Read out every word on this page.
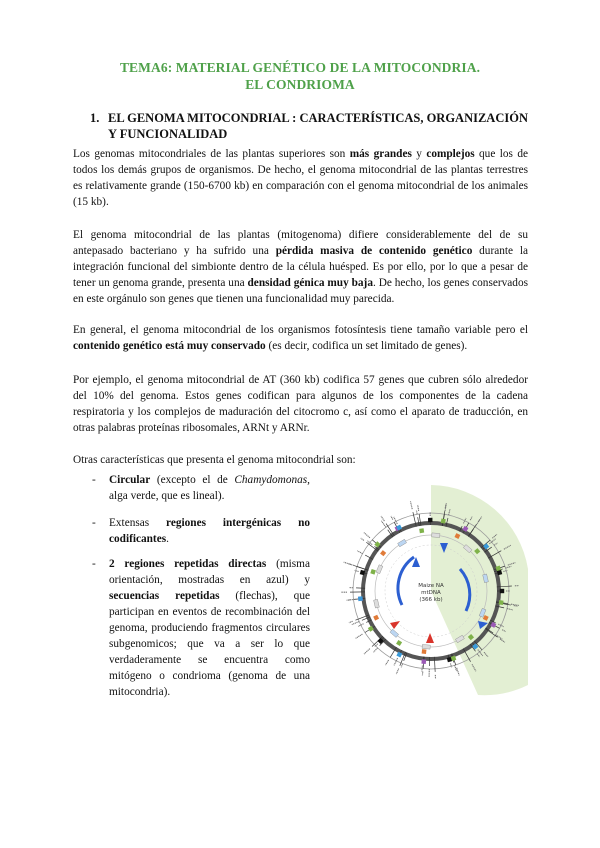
TEMA6: MATERIAL GENÉTICO DE LA MITOCONDRIA.
EL CONDRIOMA
1. EL GENOMA MITOCONDRIAL : CARACTERÍSTICAS, ORGANIZACIÓN Y FUNCIONALIDAD

Los genomas mitocondriales de las plantas superiores son más grandes y complejos que los de todos los demás grupos de organismos. De hecho, el genoma mitocondrial de las plantas terrestres es relativamente grande (150-6700 kb) en comparación con el genoma mitocondrial de los animales (15 kb).

El genoma mitocondrial de las plantas (mitogenoma) difiere considerablemente del de su antepasado bacteriano y ha sufrido una pérdida masiva de contenido genético durante la integración funcional del simbionte dentro de la célula huésped. Es por ello, por lo que a pesar de tener un genoma grande, presenta una densidad génica muy baja. De hecho, los genes conservados en este orgánulo son genes que tienen una funcionalidad muy parecida.

En general, el genoma mitocondrial de los organismos fotosíntesis tiene tamaño variable pero el contenido genético está muy conservado (es decir, codifica un set limitado de genes).

Por ejemplo, el genoma mitocondrial de AT (360 kb) codifica 57 genes que cubren sólo alrededor del 10% del genoma. Estos genes codifican para algunos de los componentes de la cadena respiratoria y los complejos de maduración del citocromo c, así como el aparato de traducción, en otras palabras proteínas ribosomales, ARNt y ARNr.

Otras características que presenta el genoma mitocondrial son:

- Circular (excepto el de Chamydomonas, alga verde, que es lineal).
- Extensas regiones intergénicas no codificantes.
- 2 regiones repetidas directas (misma orientación, mostradas en azul) y secuencias repetidas (flechas), que participan en eventos de recombinación del genoma, produciendo fragmentos circulares subgenomicos; que va a ser lo que verdaderamente se encuentra como mitógeno o condrioma (genoma de una mitocondria).
Maize NA
mtDNA
(366 kb)
